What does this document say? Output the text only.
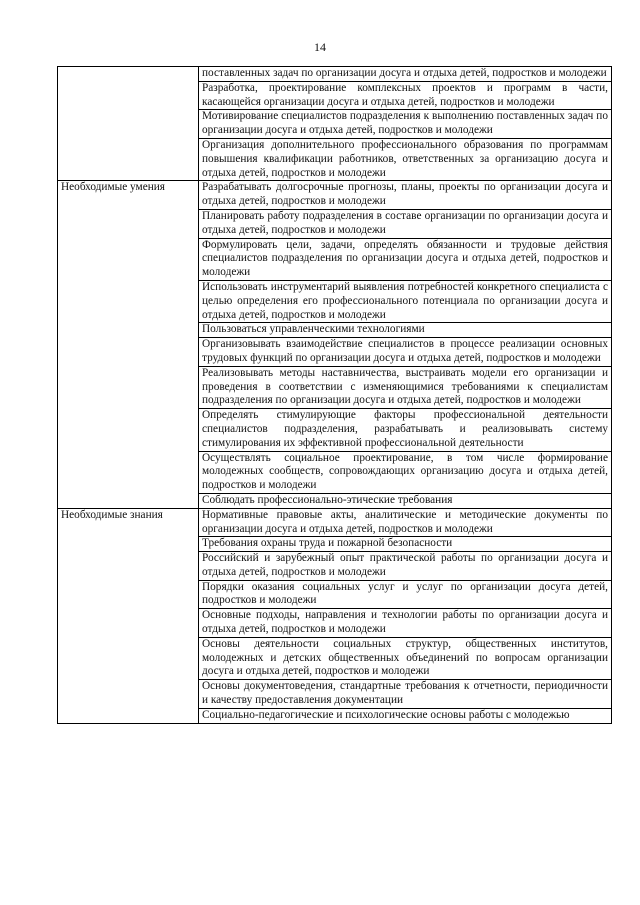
14
	поставленных задач по организации досуга и отдыха детей, подростков и молодежи
	Разработка, проектирование комплексных проектов и программ в части, касающейся организации досуга и отдыха детей, подростков и молодежи
	Мотивирование специалистов подразделения к выполнению поставленных задач по организации досуга и отдыха детей, подростков и молодежи
	Организация дополнительного профессионального образования по программам повышения квалификации работников, ответственных за организацию досуга и отдыха детей, подростков и молодежи
Необходимые умения	Разрабатывать долгосрочные прогнозы, планы, проекты по организации досуга и отдыха детей, подростков и молодежи
	Планировать работу подразделения в составе организации по организации досуга и отдыха детей, подростков и молодежи
	Формулировать цели, задачи, определять обязанности и трудовые действия специалистов подразделения по организации досуга и отдыха детей, подростков и молодежи
	Использовать инструментарий выявления потребностей конкретного специалиста с целью определения его профессионального потенциала по организации досуга и отдыха детей, подростков и молодежи
	Пользоваться управленческими технологиями
	Организовывать взаимодействие специалистов в процессе реализации основных трудовых функций по организации досуга и отдыха детей, подростков и молодежи
	Реализовывать методы наставничества, выстраивать модели его организации и проведения в соответствии с изменяющимися требованиями к специалистам подразделения по организации досуга и отдыха детей, подростков и молодежи
	Определять стимулирующие факторы профессиональной деятельности специалистов подразделения, разрабатывать и реализовывать систему стимулирования их эффективной профессиональной деятельности
	Осуществлять социальное проектирование, в том числе формирование молодежных сообществ, сопровождающих организацию досуга и отдыха детей, подростков и молодежи
	Соблюдать профессионально-этические требования
Необходимые знания	Нормативные правовые акты, аналитические и методические документы по организации досуга и отдыха детей, подростков и молодежи
	Требования охраны труда и пожарной безопасности
	Российский и зарубежный опыт практической работы по организации досуга и отдыха детей, подростков и молодежи
	Порядки оказания социальных услуг и услуг по организации досуга детей, подростков и молодежи
	Основные подходы, направления и технологии работы по организации досуга и отдыха детей, подростков и молодежи
	Основы деятельности социальных структур, общественных институтов, молодежных и детских общественных объединений по вопросам организации досуга и отдыха детей, подростков и молодежи
	Основы документоведения, стандартные требования к отчетности, периодичности и качеству предоставления документации
	Социально-педагогические и психологические основы работы с молодежью
